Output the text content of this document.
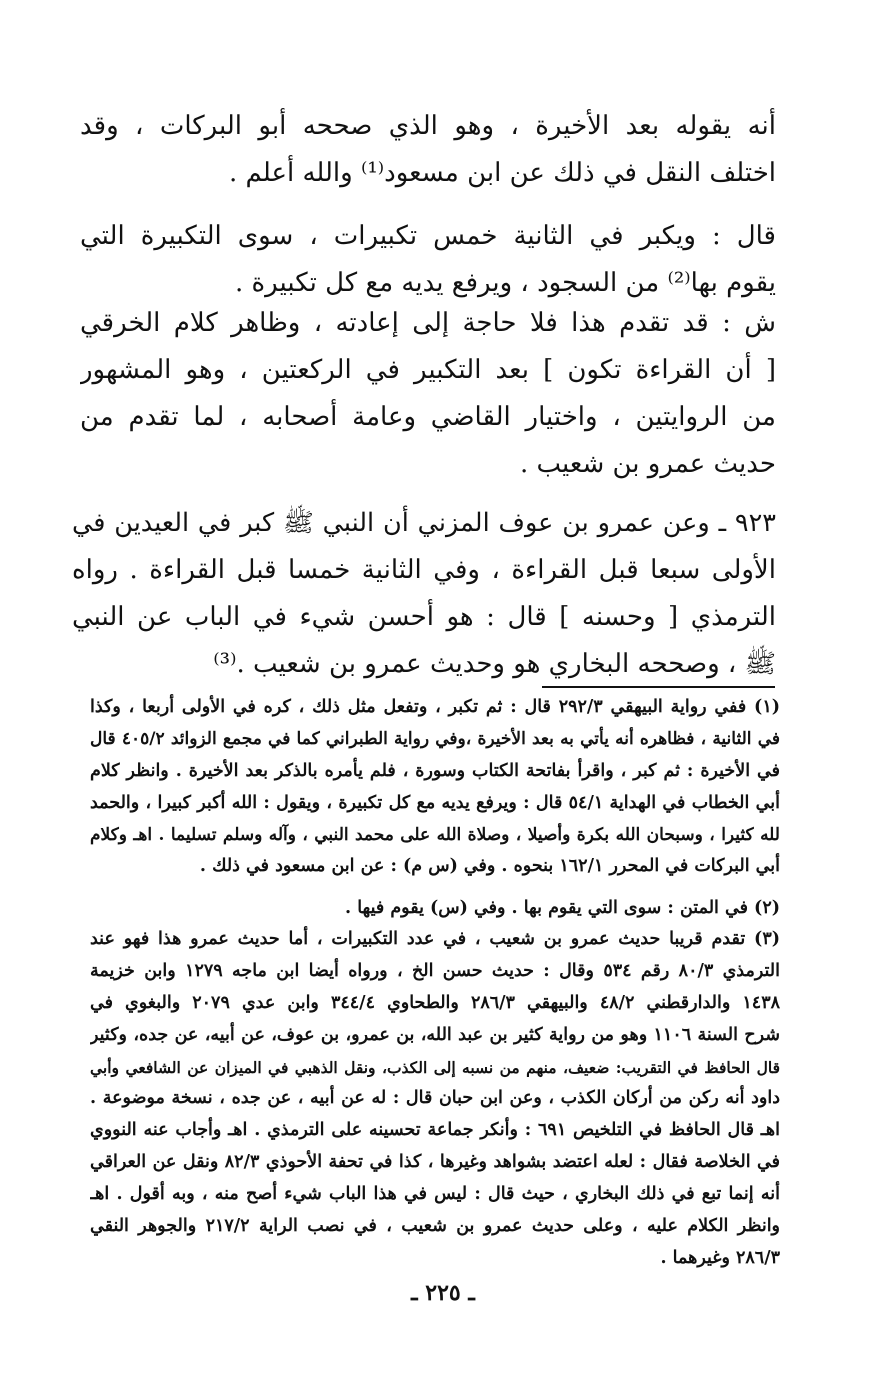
أنه يقوله بعد الأخيرة ، وهو الذي صححه أبو البركات ، وقد
اختلف النقل في ذلك عن ابن مسعود⁽¹⁾ والله أعلم .
قال : ويكبر في الثانية خمس تكبيرات ، سوى التكبيرة التي
يقوم بها⁽²⁾ من السجود ، ويرفع يديه مع كل تكبيرة .
ش : قد تقدم هذا فلا حاجة إلى إعادته ، وظاهر كلام الخرقي
[ أن القراءة تكون ] بعد التكبير في الركعتين ، وهو المشهور
من الروايتين ، واختيار القاضي وعامة أصحابه ، لما تقدم من
حديث عمرو بن شعيب .
٩٢٣ ـ وعن عمرو بن عوف المزني أن النبي ﷺ كبر في العيدين في
الأولى سبعا قبل القراءة ، وفي الثانية خمسا قبل القراءة . رواه
الترمذي [ وحسنه ] قال : هو أحسن شيء في الباب عن النبي
ﷺ ، وصححه البخاري هو وحديث عمرو بن شعيب .⁽³⁾
(١) ففي رواية البيهقي ٢٩٢/٣ قال : ثم تكبر ، وتفعل مثل ذلك ، كره في الأولى أربعا ، وكذا
في الثانية ، فظاهره أنه يأتي به بعد الأخيرة ،وفي رواية الطبراني كما في مجمع الزوائد ٤٠٥/٢ قال
في الأخيرة : ثم كبر ، واقرأ بفاتحة الكتاب وسورة ، فلم يأمره بالذكر بعد الأخيرة . وانظر كلام
أبي الخطاب في الهداية ٥٤/١ قال : ويرفع يديه مع كل تكبيرة ، ويقول : الله أكبر كبيرا ، والحمد
لله كثيرا ، وسبحان الله بكرة وأصيلا ، وصلاة الله على محمد النبي ، وآله وسلم تسليما . اهـ وكلام
أبي البركات في المحرر ١٦٢/١ بنحوه . وفي (س م) : عن ابن مسعود في ذلك .
(٢) في المتن : سوى التي يقوم بها . وفي (س) يقوم فيها .
(٣) تقدم قريبا حديث عمرو بن شعيب ، في عدد التكبيرات ، أما حديث عمرو هذا فهو عند
الترمذي ٨٠/٣ رقم ٥٣٤ وقال : حديث حسن الخ ، ورواه أيضا ابن ماجه ١٢٧٩ وابن خزيمة
١٤٣٨ والدارقطني ٤٨/٢ والبيهقي ٢٨٦/٣ والطحاوي ٣٤٤/٤ وابن عدي ٢٠٧٩ والبغوي في
شرح السنة ١١٠٦ وهو من رواية كثير بن عبد الله، بن عمرو، بن عوف، عن أبيه، عن جده، وكثير
قال الحافظ في التقريب: ضعيف، منهم من نسبه إلى الكذب، ونقل الذهبي في الميزان عن الشافعي وأبي
داود أنه ركن من أركان الكذب ، وعن ابن حبان قال : له عن أبيه ، عن جده ، نسخة موضوعة .
اهـ قال الحافظ في التلخيص ٦٩١ : وأنكر جماعة تحسينه على الترمذي . اهـ وأجاب عنه النووي
في الخلاصة فقال : لعله اعتضد بشواهد وغيرها ، كذا في تحفة الأحوذي ٨٢/٣ ونقل عن العراقي
أنه إنما تبع في ذلك البخاري ، حيث قال : ليس في هذا الباب شيء أصح منه ، وبه أقول . اهـ
وانظر الكلام عليه ، وعلى حديث عمرو بن شعيب ، في نصب الراية ٢١٧/٢ والجوهر النقي
٢٨٦/٣ وغيرهما .
ـ ٢٢٥ ـ
